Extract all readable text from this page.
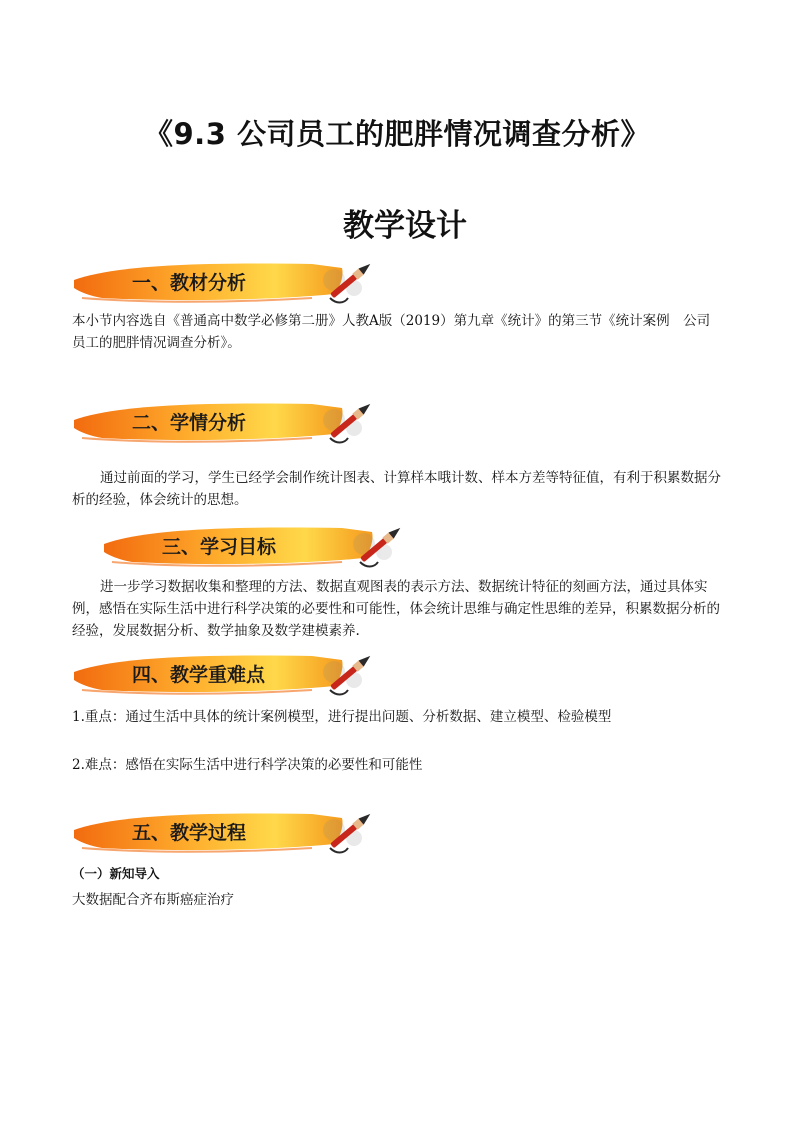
《9.3 公司员工的肥胖情况调查分析》
教学设计
一、教材分析
本小节内容选自《普通高中数学必修第二册》人教A版（2019）第九章《统计》的第三节《统计案例　公司员工的肥胖情况调查分析》。
二、学情分析
通过前面的学习，学生已经学会制作统计图表、计算样本哦计数、样本方差等特征值，有利于积累数据分析的经验，体会统计的思想。
三、学习目标
进一步学习数据收集和整理的方法、数据直观图表的表示方法、数据统计特征的刻画方法，通过具体实例，感悟在实际生活中进行科学决策的必要性和可能性，体会统计思维与确定性思维的差异，积累数据分析的经验，发展数据分析、数学抽象及数学建模素养.
四、教学重难点
1.重点：通过生活中具体的统计案例模型，进行提出问题、分析数据、建立模型、检验模型
2.难点：感悟在实际生活中进行科学决策的必要性和可能性
五、教学过程
（一）新知导入
大数据配合齐布斯癌症治疗
